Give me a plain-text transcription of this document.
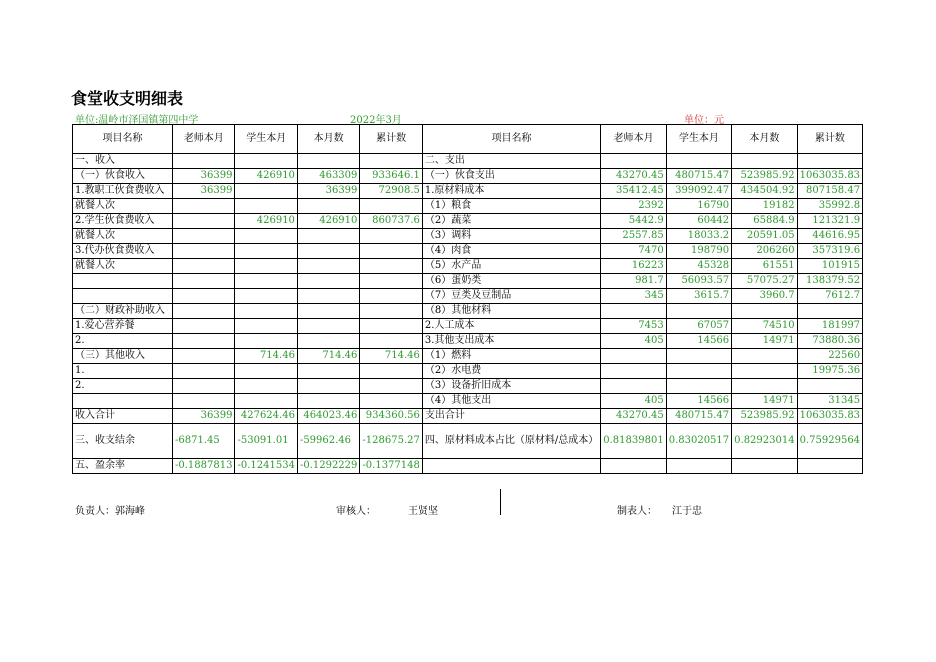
食堂收支明细表
单位:温岭市泽国镇第四中学	2022年3月	单位：元
项目名称	老师本月	学生本月	本月数	累计数	项目名称	老师本月	学生本月	本月数	累计数
一、收入					二、支出				
（一）伙食收入	36399	426910	463309	933646.1	（一）伙食支出	43270.45	480715.47	523985.92	1063035.83
1.教职工伙食费收入	36399		36399	72908.5	1.原材料成本	35412.45	399092.47	434504.92	807158.47
就餐人次					（1）粮食	2392	16790	19182	35992.8
2.学生伙食费收入		426910	426910	860737.6	（2）蔬菜	5442.9	60442	65884.9	121321.9
就餐人次					（3）调料	2557.85	18033.2	20591.05	44616.95
3.代办伙食费收入					（4）肉食	7470	198790	206260	357319.6
就餐人次					（5）水产品	16223	45328	61551	101915
					（6）蛋奶类	981.7	56093.57	57075.27	138379.52
					（7）豆类及豆制品	345	3615.7	3960.7	7612.7
（二）财政补助收入					（8）其他材料				
1.爱心营养餐					2.人工成本	7453	67057	74510	181997
2.					3.其他支出成本	405	14566	14971	73880.36
（三）其他收入		714.46	714.46	714.46	（1）燃料				22560
1.					（2）水电费				19975.36
2.					（3）设备折旧成本				
					（4）其他支出	405	14566	14971	31345
收入合计	36399	427624.46	464023.46	934360.56	支出合计	43270.45	480715.47	523985.92	1063035.83
三、收支结余	-6871.45	-53091.01	-59962.46	-128675.27	四、原材料成本占比（原材料/总成本）	0.81839801	0.83020517	0.82923014	0.75929564
五、盈余率	-0.1887813	-0.1241534	-0.1292229	-0.1377148					
负责人：郭海峰	审核人：	王贤坚	制表人： 江于忠
